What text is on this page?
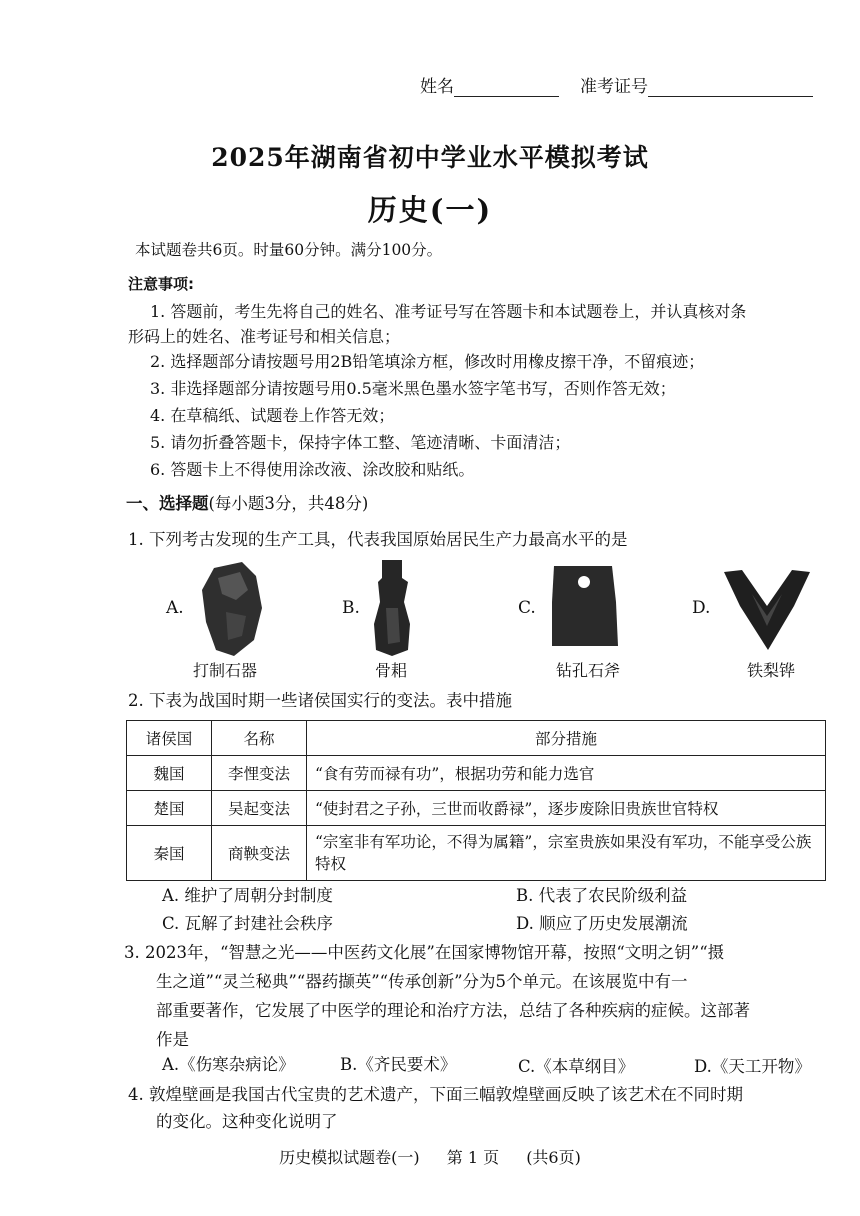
姓名	准考证号
2025年湖南省初中学业水平模拟考试
历史(一)
本试题卷共6页。时量60分钟。满分100分。
注意事项:
1. 答题前，考生先将自己的姓名、准考证号写在答题卡和本试题卷上，并认真核对条
形码上的姓名、准考证号和相关信息；
2. 选择题部分请按题号用2B铅笔填涂方框，修改时用橡皮擦干净，不留痕迹；
3. 非选择题部分请按题号用0.5毫米黑色墨水签字笔书写，否则作答无效；
4. 在草稿纸、试题卷上作答无效；
5. 请勿折叠答题卡，保持字体工整、笔迹清晰、卡面清洁；
6. 答题卡上不得使用涂改液、涂改胶和贴纸。
一、选择题(每小题3分，共48分)
1. 下列考古发现的生产工具，代表我国原始居民生产力最高水平的是
A.
打制石器
B.
骨耜
C.
钻孔石斧
D.
铁梨铧
2. 下表为战国时期一些诸侯国实行的变法。表中措施
诸侯国	名称	部分措施
魏国	李悝变法	“食有劳而禄有功”，根据功劳和能力选官
楚国	吴起变法	“使封君之子孙，三世而收爵禄”，逐步废除旧贵族世官特权
秦国	商鞅变法	“宗室非有军功论，不得为属籍”，宗室贵族如果没有军功，不能享受公族特权
A. 维护了周朝分封制度	B. 代表了农民阶级利益
C. 瓦解了封建社会秩序	D. 顺应了历史发展潮流
3. 2023年，“智慧之光——中医药文化展”在国家博物馆开幕，按照“文明之钥”“摄
生之道”“灵兰秘典”“器药撷英”“传承创新”分为5个单元。在该展览中有一
部重要著作，它发展了中医学的理论和治疗方法，总结了各种疾病的症候。这部著
作是
A.《伤寒杂病论》	B.《齐民要术》	C.《本草纲目》	D.《天工开物》
4. 敦煌壁画是我国古代宝贵的艺术遗产，下面三幅敦煌壁画反映了该艺术在不同时期
的变化。这种变化说明了
历史模拟试题卷(一) 第 1 页 (共6页)
